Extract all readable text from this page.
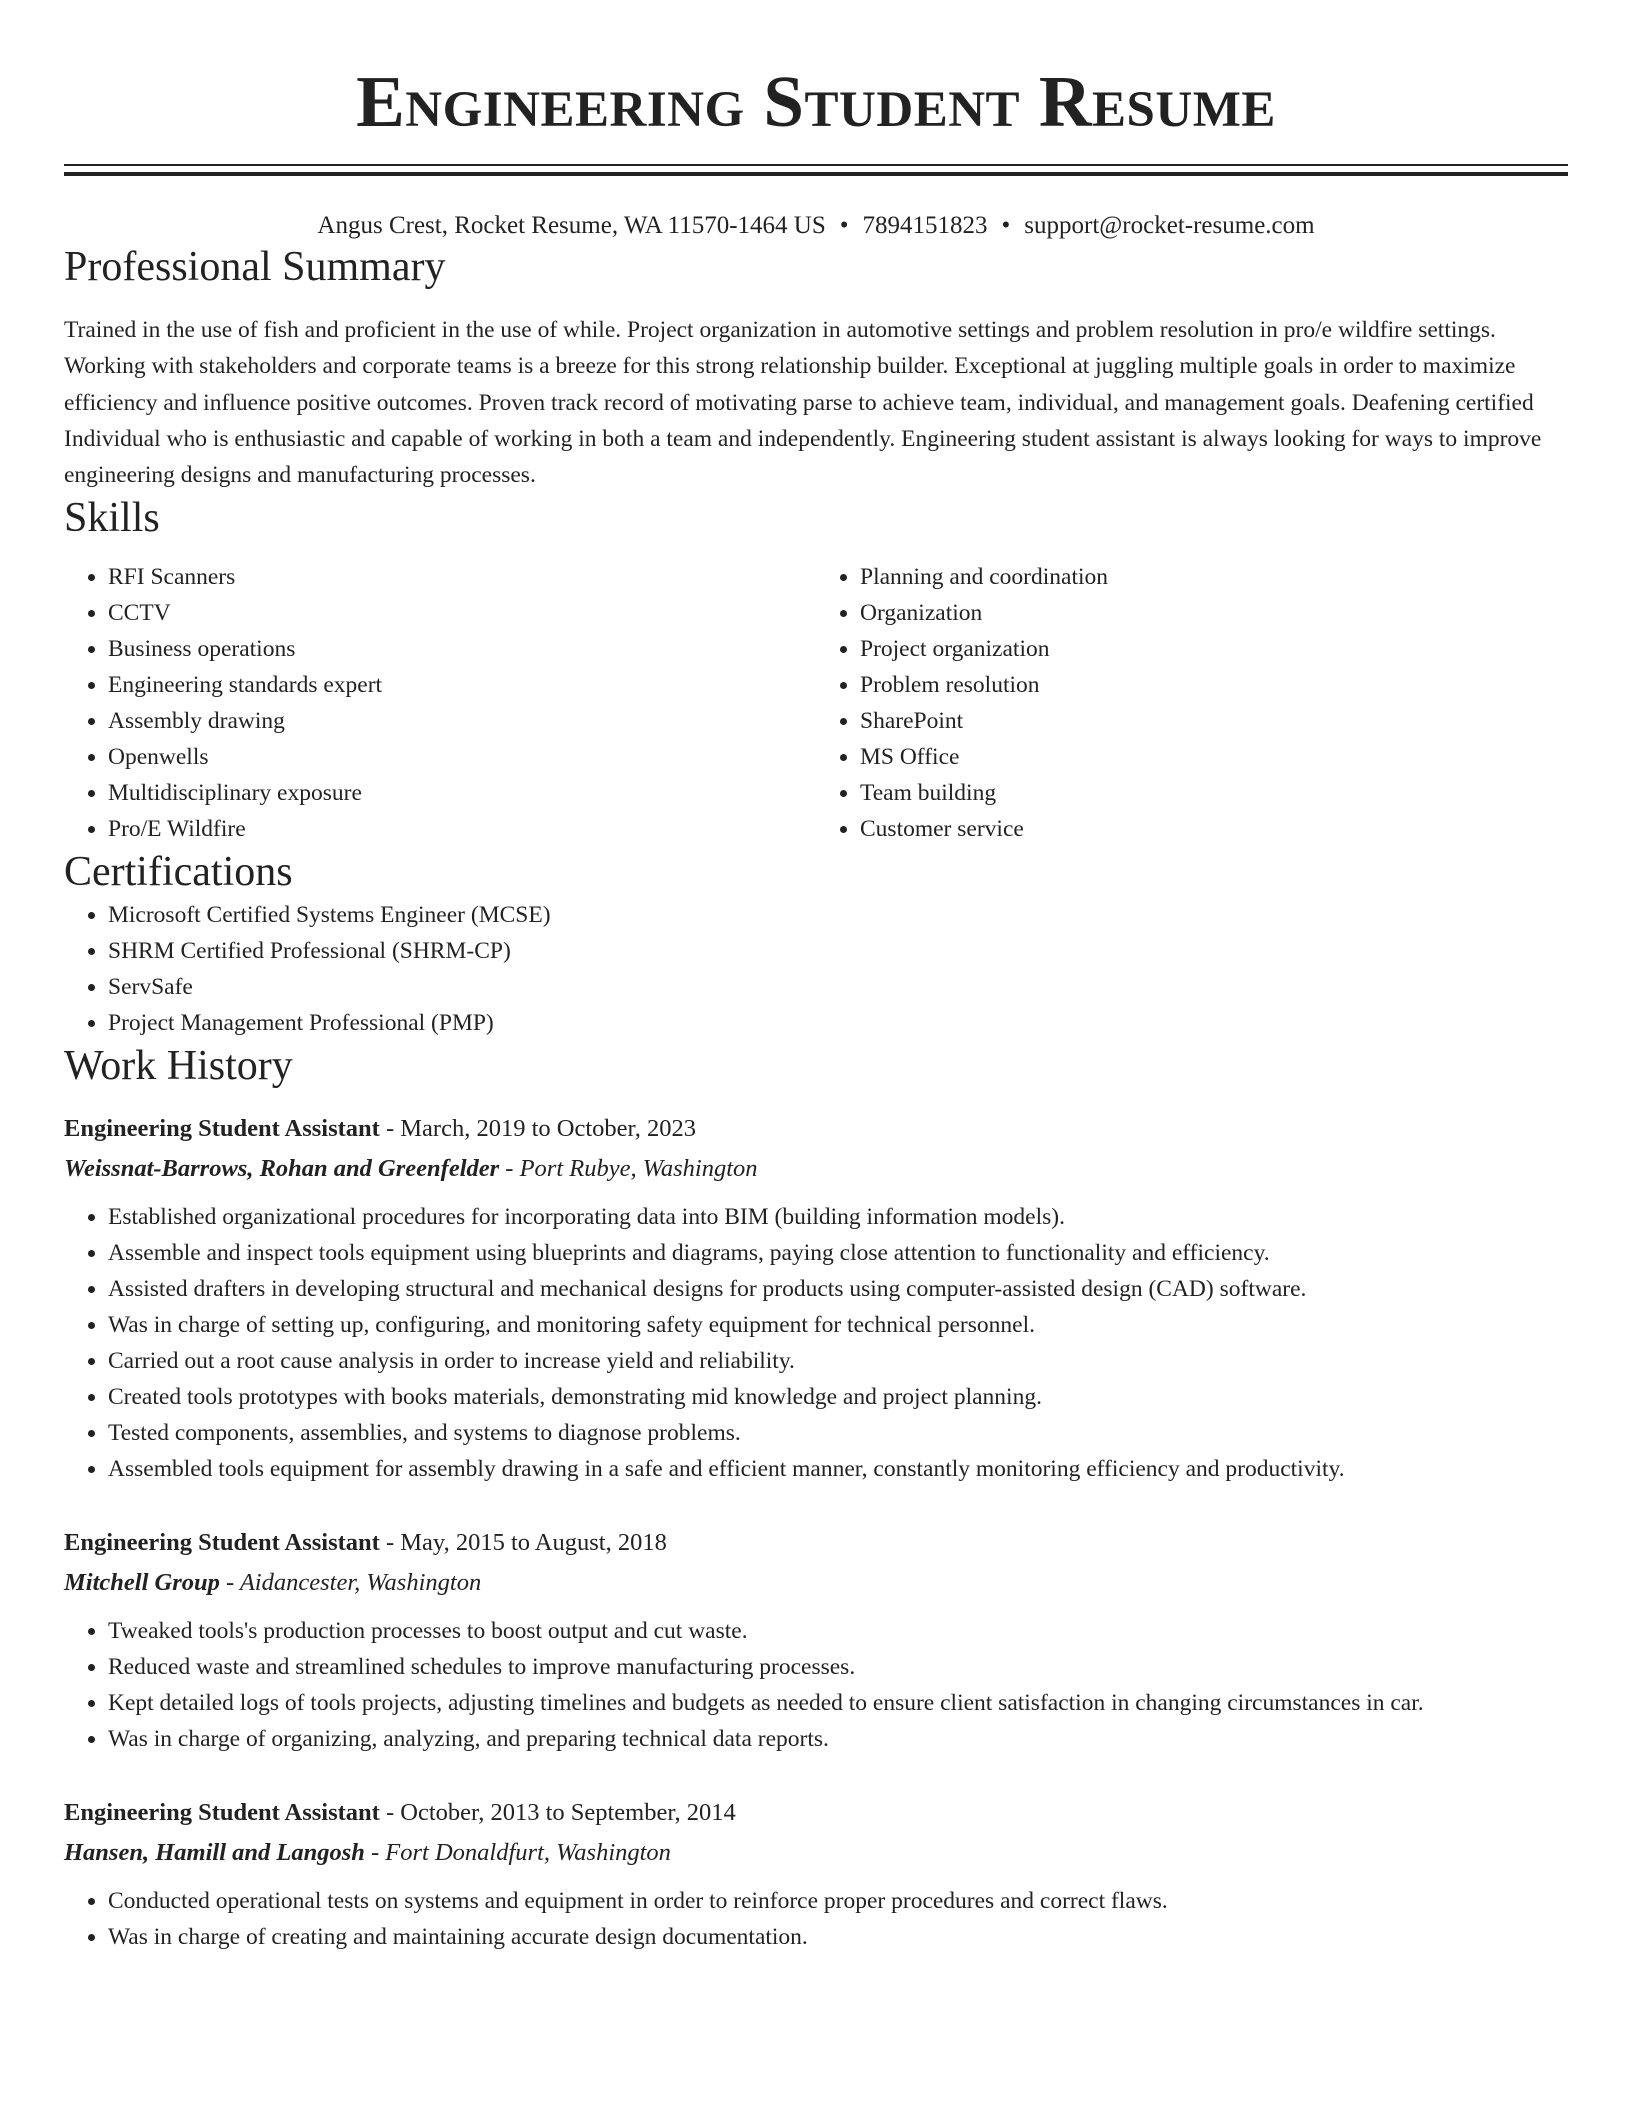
Engineering Student Resume
Angus Crest, Rocket Resume, WA 11570-1464 US • 7894151823 • support@rocket-resume.com
Professional Summary

Trained in the use of fish and proficient in the use of while. Project organization in automotive settings and problem resolution in pro/e wildfire settings. Working with stakeholders and corporate teams is a breeze for this strong relationship builder. Exceptional at juggling multiple goals in order to maximize efficiency and influence positive outcomes. Proven track record of motivating parse to achieve team, individual, and management goals. Deafening certified Individual who is enthusiastic and capable of working in both a team and independently. Engineering student assistant is always looking for ways to improve engineering designs and manufacturing processes.

Skills
• RFI Scanners
• CCTV
• Business operations
• Engineering standards expert
• Assembly drawing
• Openwells
• Multidisciplinary exposure
• Pro/E Wildfire
• Planning and coordination
• Organization
• Project organization
• Problem resolution
• SharePoint
• MS Office
• Team building
• Customer service
Certifications
• Microsoft Certified Systems Engineer (MCSE)
• SHRM Certified Professional (SHRM-CP)
• ServSafe
• Project Management Professional (PMP)
Work History
Engineering Student Assistant - March, 2019 to October, 2023
Weissnat-Barrows, Rohan and Greenfelder - Port Rubye, Washington
• Established organizational procedures for incorporating data into BIM (building information models).
• Assemble and inspect tools equipment using blueprints and diagrams, paying close attention to functionality and efficiency.
• Assisted drafters in developing structural and mechanical designs for products using computer-assisted design (CAD) software.
• Was in charge of setting up, configuring, and monitoring safety equipment for technical personnel.
• Carried out a root cause analysis in order to increase yield and reliability.
• Created tools prototypes with books materials, demonstrating mid knowledge and project planning.
• Tested components, assemblies, and systems to diagnose problems.
• Assembled tools equipment for assembly drawing in a safe and efficient manner, constantly monitoring efficiency and productivity.
Engineering Student Assistant - May, 2015 to August, 2018
Mitchell Group - Aidancester, Washington
• Tweaked tools's production processes to boost output and cut waste.
• Reduced waste and streamlined schedules to improve manufacturing processes.
• Kept detailed logs of tools projects, adjusting timelines and budgets as needed to ensure client satisfaction in changing circumstances in car.
• Was in charge of organizing, analyzing, and preparing technical data reports.
Engineering Student Assistant - October, 2013 to September, 2014
Hansen, Hamill and Langosh - Fort Donaldfurt, Washington
• Conducted operational tests on systems and equipment in order to reinforce proper procedures and correct flaws.
• Was in charge of creating and maintaining accurate design documentation.
